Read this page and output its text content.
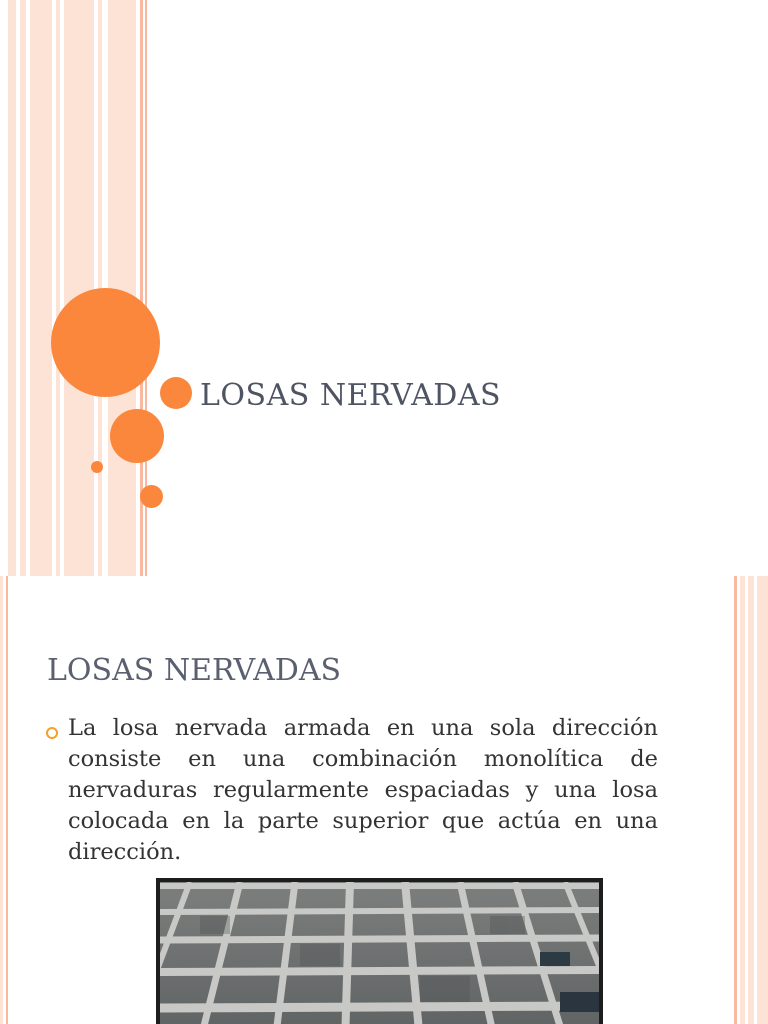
LOSAS NERVADAS
LOSAS NERVADAS
La losa nervada armada en una sola dirección consiste en una combinación monolítica de nervaduras regularmente espaciadas y una losa colocada en la parte superior que actúa en una dirección.
